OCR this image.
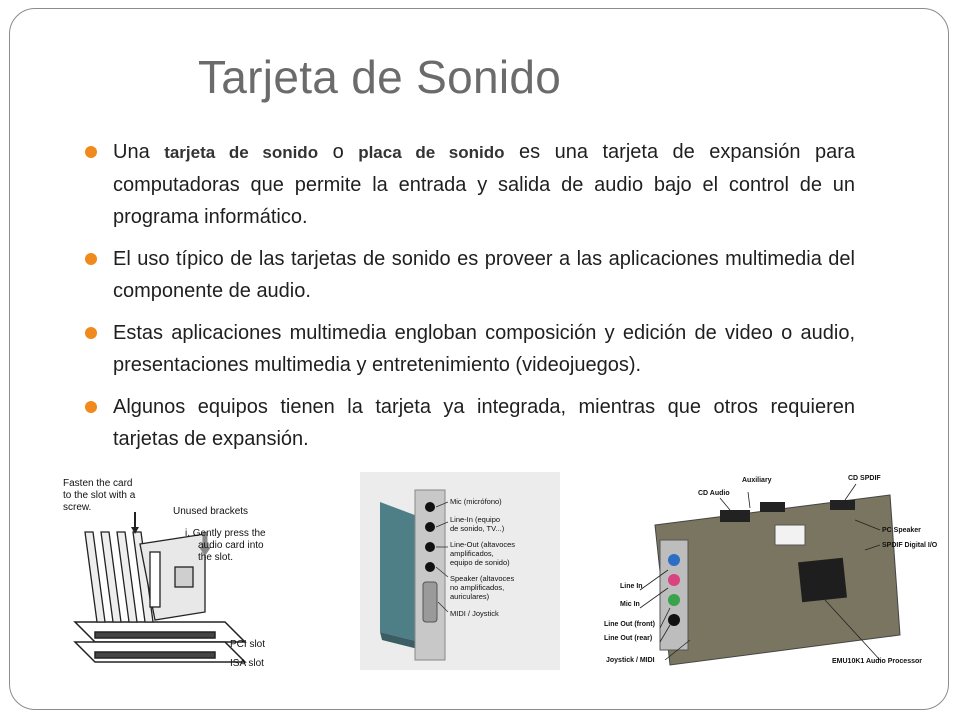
Tarjeta de Sonido
Una tarjeta de sonido o placa de sonido es una tarjeta de expansión para computadoras que permite la entrada y salida de audio bajo el control de un programa informático.
El uso típico de las tarjetas de sonido es proveer a las aplicaciones multimedia del componente de audio.
Estas aplicaciones multimedia engloban composición y edición de video o audio, presentaciones multimedia y entretenimiento (videojuegos).
Algunos equipos tienen la tarjeta ya integrada, mientras que otros requieren tarjetas de expansión.
Fasten the card
to the slot with a
screw.	Unused brackets
i. Gently press the
audio card into
the slot.
PCI slot
ISA slot
Mic (micrófono)
Line-In (equipo
de sonido, TV...)
Line-Out (altavoces
amplificados,
equipo de sonido)
Speaker (altavoces
no amplificados,
auriculares)
MIDI / Joystick
Auxiliary	CD SPDIF
CD Audio
PC Speaker
SPDIF Digital I/O
EMU10K1 Audio Processor
Line In
Mic In
Line Out (front)
Line Out (rear)
Joystick / MIDI
